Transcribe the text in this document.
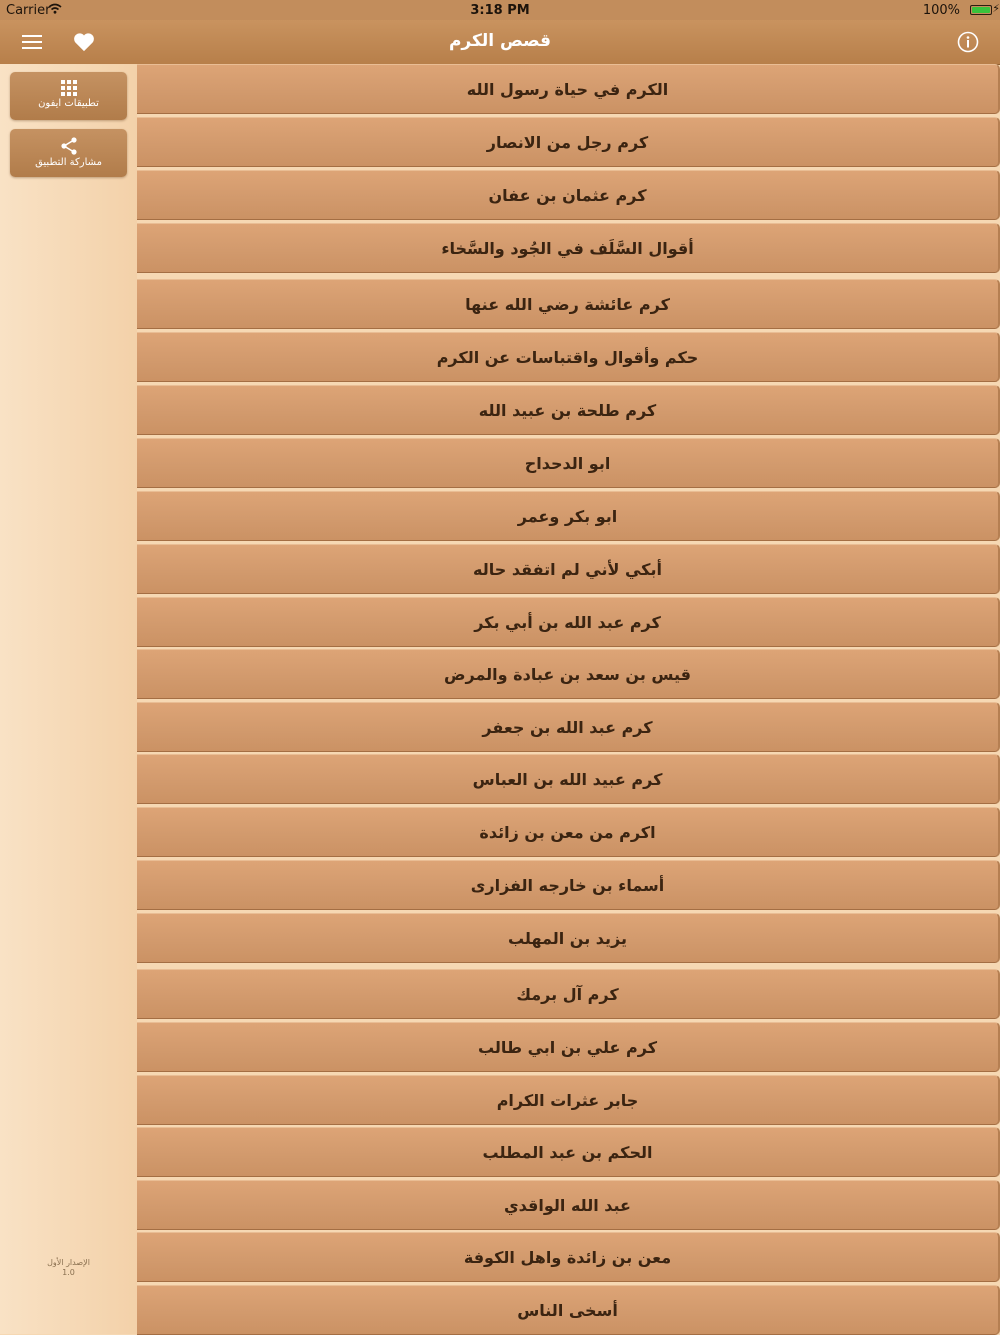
Carrier	3:18 PM	100%	⚡
قصص الكرم
تطبيقات ايفون
مشاركة التطبيق
الإصدار الأول
1.0
الكرم في حياة رسول الله
كرم رجل من الانصار
كرم عثمان بن عفان
أقوال السَّلَف في الجُود والسَّخاء
كرم عائشة رضي الله عنها
حكم وأقوال واقتباسات عن الكرم
كرم طلحة بن عبيد الله
ابو الدحداح
ابو بكر وعمر
أبكي لأني لم اتفقد حاله
كرم عبد الله بن أبي بكر
قيس بن سعد بن عبادة والمرض
كرم عبد الله بن جعفر
كرم عبيد الله بن العباس
اكرم من معن بن زائدة
أسماء بن خارجه الفزارى
يزيد بن المهلب
كرم آل برمك
كرم علي بن ابي طالب
جابر عثرات الكرام
الحكم بن عبد المطلب
عبد الله الواقدي
معن بن زائدة واهل الكوفة
أسخى الناس
